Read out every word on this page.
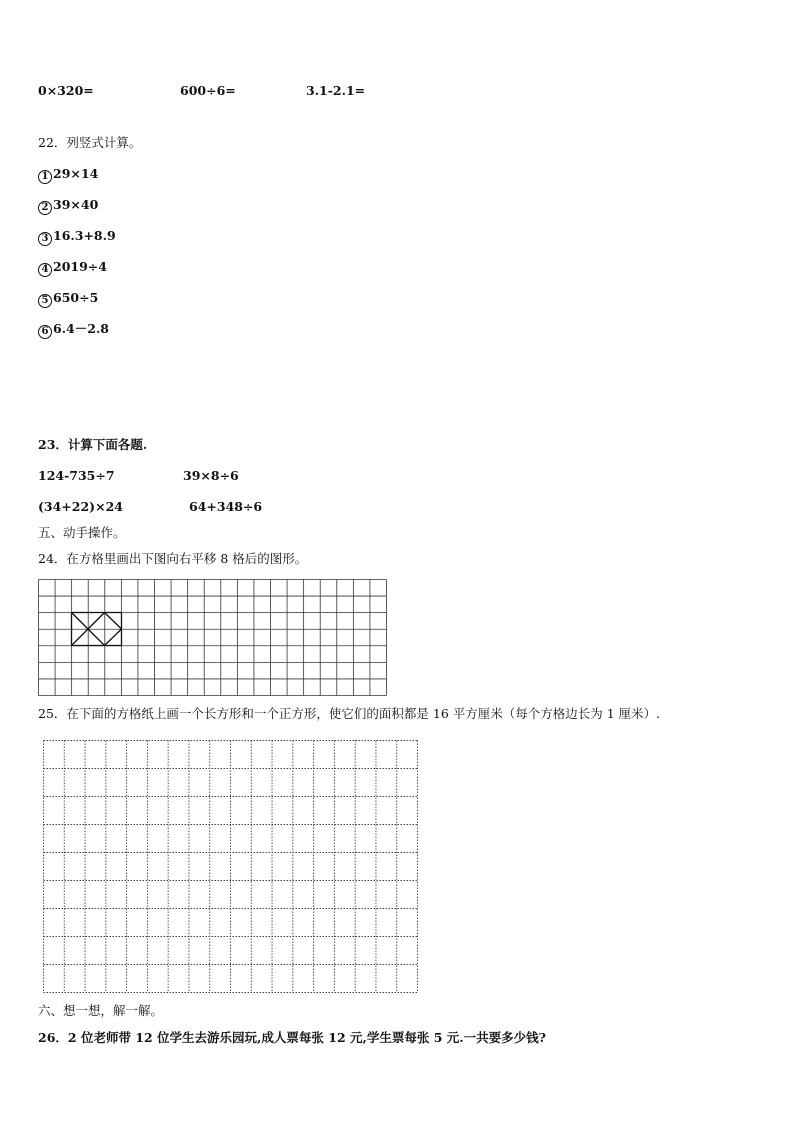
0×320=	600÷6=	3.1-2.1=
22．列竖式计算。
1 29×14
2 39×40
3 16.3+8.9
4 2019÷4
5 650÷5
6 6.4－2.8
23．计算下面各题.
124-735÷7	39×8÷6
(34+22)×24	64+348÷6
五、动手操作。
24．在方格里画出下图向右平移 8 格后的图形。
25．在下面的方格纸上画一个长方形和一个正方形，使它们的面积都是 16 平方厘米（每个方格边长为 1 厘米）.
六、想一想，解一解。
26．2 位老师带 12 位学生去游乐园玩,成人票每张 12 元,学生票每张 5 元.一共要多少钱?
